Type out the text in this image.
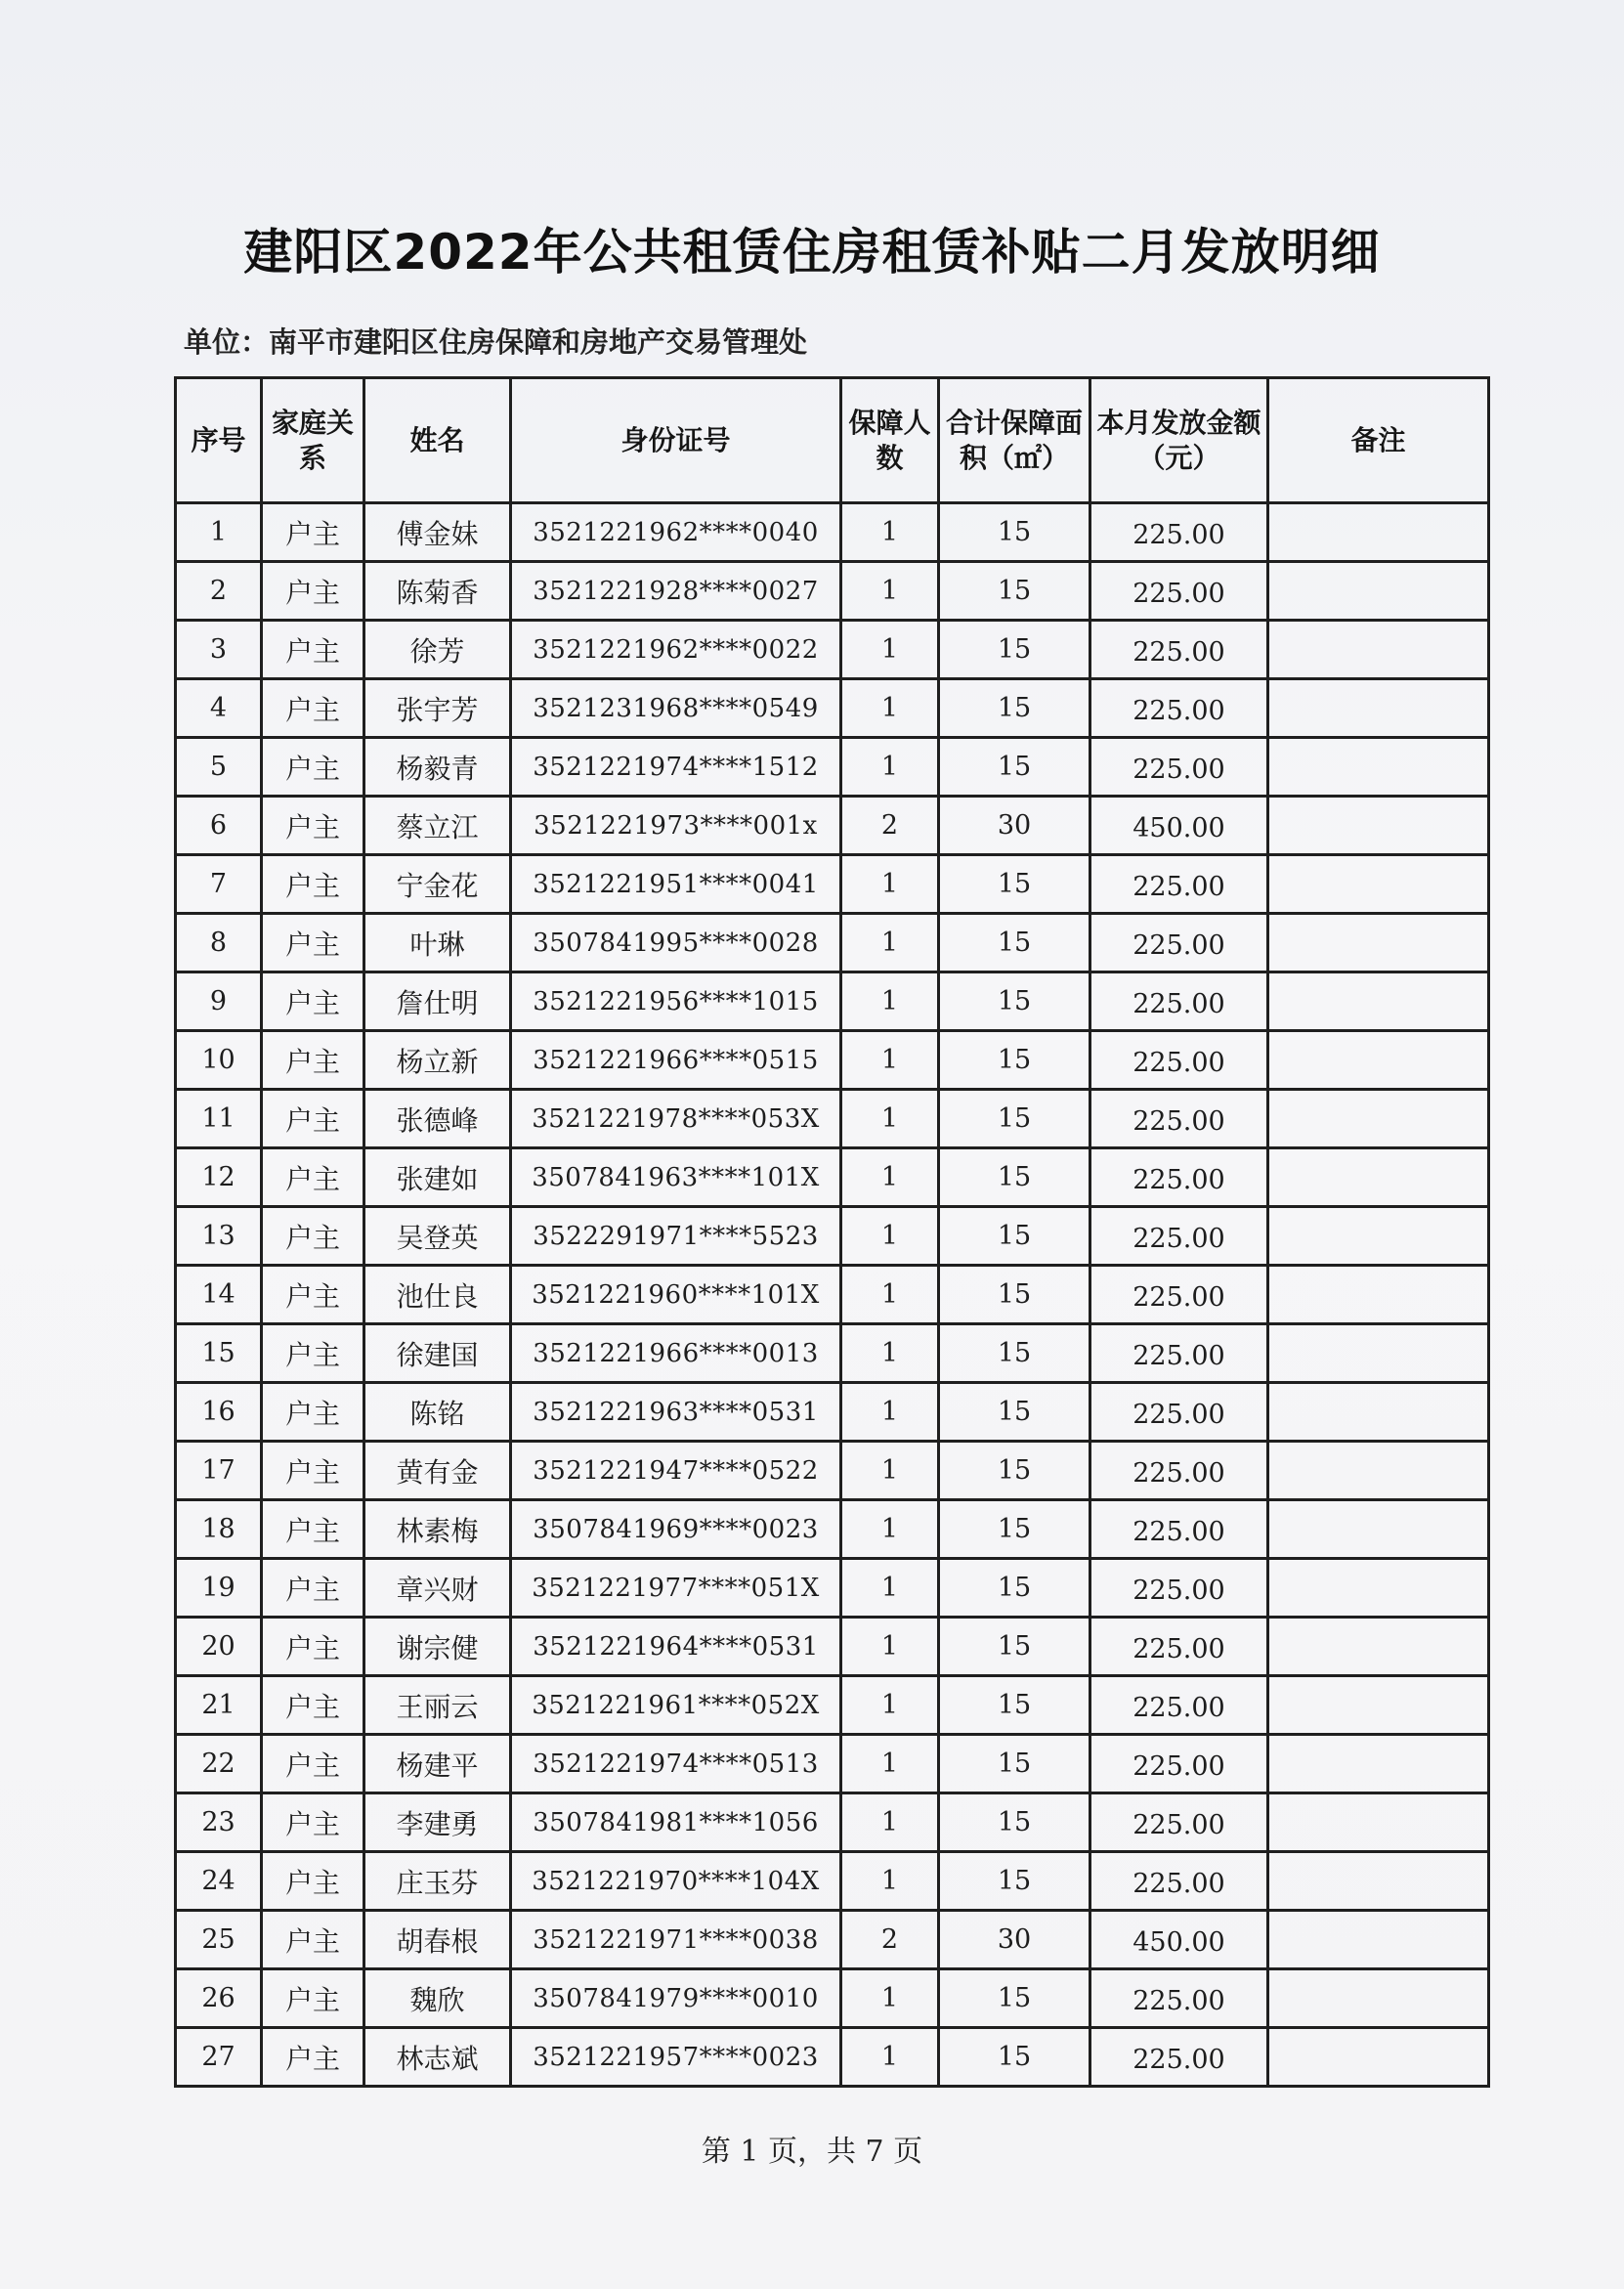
建阳区2022年公共租赁住房租赁补贴二月发放明细
单位：南平市建阳区住房保障和房地产交易管理处
序号	家庭关系	姓名	身份证号	保障人数	合计保障面积（㎡）	本月发放金额（元）	备注
1	户主	傅金妹	3521221962****0040	1	15	225.00	
2	户主	陈菊香	3521221928****0027	1	15	225.00	
3	户主	徐芳	3521221962****0022	1	15	225.00	
4	户主	张宇芳	3521231968****0549	1	15	225.00	
5	户主	杨毅青	3521221974****1512	1	15	225.00	
6	户主	蔡立江	3521221973****001x	2	30	450.00	
7	户主	宁金花	3521221951****0041	1	15	225.00	
8	户主	叶琳	3507841995****0028	1	15	225.00	
9	户主	詹仕明	3521221956****1015	1	15	225.00	
10	户主	杨立新	3521221966****0515	1	15	225.00	
11	户主	张德峰	3521221978****053X	1	15	225.00	
12	户主	张建如	3507841963****101X	1	15	225.00	
13	户主	吴登英	3522291971****5523	1	15	225.00	
14	户主	池仕良	3521221960****101X	1	15	225.00	
15	户主	徐建国	3521221966****0013	1	15	225.00	
16	户主	陈铭	3521221963****0531	1	15	225.00	
17	户主	黄有金	3521221947****0522	1	15	225.00	
18	户主	林素梅	3507841969****0023	1	15	225.00	
19	户主	章兴财	3521221977****051X	1	15	225.00	
20	户主	谢宗健	3521221964****0531	1	15	225.00	
21	户主	王丽云	3521221961****052X	1	15	225.00	
22	户主	杨建平	3521221974****0513	1	15	225.00	
23	户主	李建勇	3507841981****1056	1	15	225.00	
24	户主	庄玉芬	3521221970****104X	1	15	225.00	
25	户主	胡春根	3521221971****0038	2	30	450.00	
26	户主	魏欣	3507841979****0010	1	15	225.00	
27	户主	林志斌	3521221957****0023	1	15	225.00	
第 1 页，共 7 页
